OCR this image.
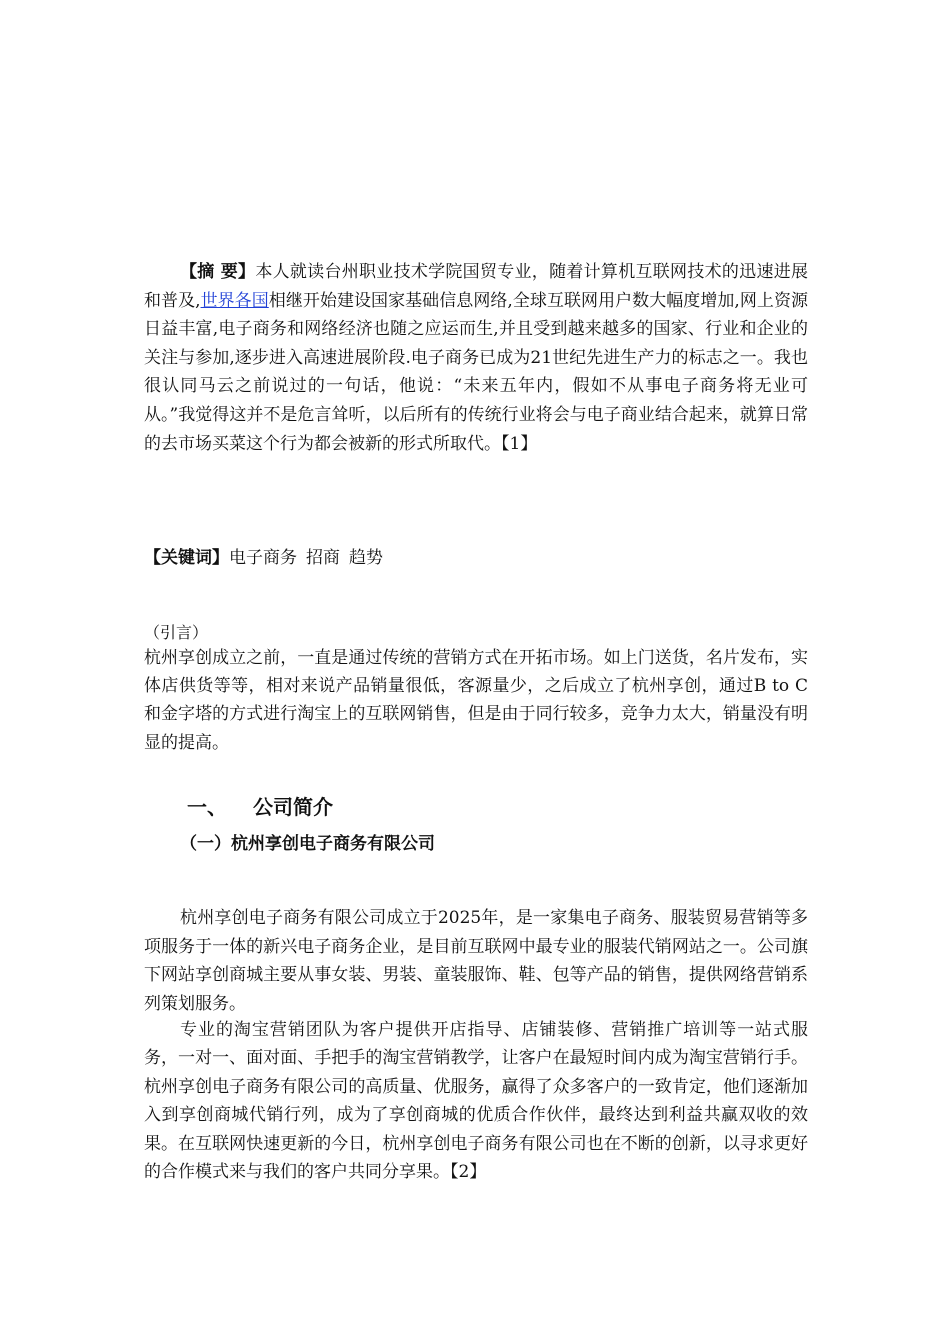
【摘 要】本人就读台州职业技术学院国贸专业，随着计算机互联网技术的迅速进展和普及,世界各国相继开始建设国家基础信息网络,全球互联网用户数大幅度增加,网上资源日益丰富,电子商务和网络经济也随之应运而生,并且受到越来越多的国家、行业和企业的关注与参加,逐步进入高速进展阶段.电子商务已成为21世纪先进生产力的标志之一。我也很认同马云之前说过的一句话，他说：“未来五年内，假如不从事电子商务将无业可从。”我觉得这并不是危言耸听，以后所有的传统行业将会与电子商业结合起来，就算日常的去市场买菜这个行为都会被新的形式所取代。【1】

【关键词】电子商务 招商 趋势

（引言）

杭州享创成立之前，一直是通过传统的营销方式在开拓市场。如上门送货，名片发布，实体店供货等等，相对来说产品销量很低，客源量少，之后成立了杭州享创，通过B to C和金字塔的方式进行淘宝上的互联网销售，但是由于同行较多，竞争力太大，销量没有明显的提高。

一、 公司简介
（一）杭州享创电子商务有限公司

杭州享创电子商务有限公司成立于2025年，是一家集电子商务、服装贸易营销等多项服务于一体的新兴电子商务企业，是目前互联网中最专业的服装代销网站之一。公司旗下网站享创商城主要从事女装、男装、童装服饰、鞋、包等产品的销售，提供网络营销系列策划服务。

专业的淘宝营销团队为客户提供开店指导、店铺装修、营销推广培训等一站式服务，一对一、面对面、手把手的淘宝营销教学，让客户在最短时间内成为淘宝营销行手。杭州享创电子商务有限公司的高质量、优服务，赢得了众多客户的一致肯定，他们逐渐加入到享创商城代销行列，成为了享创商城的优质合作伙伴，最终达到利益共赢双收的效果。在互联网快速更新的今日，杭州享创电子商务有限公司也在不断的创新，以寻求更好的合作模式来与我们的客户共同分享果。【2】
